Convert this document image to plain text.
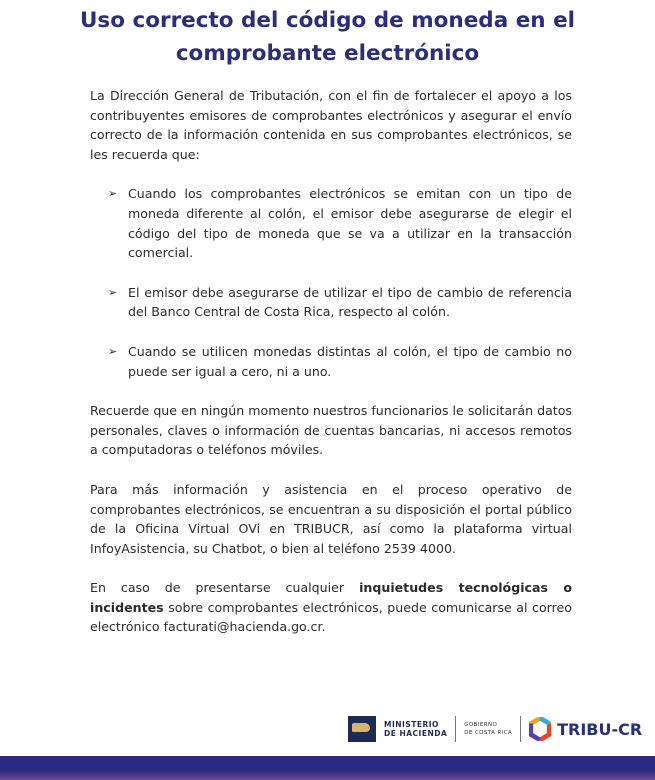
Uso correcto del código de moneda en el comprobante electrónico

La Dirección General de Tributación, con el fin de fortalecer el apoyo a los contribuyentes emisores de comprobantes electrónicos y asegurar el envío correcto de la información contenida en sus comprobantes electrónicos, se les recuerda que:

➢ Cuando los comprobantes electrónicos se emitan con un tipo de moneda diferente al colón, el emisor debe asegurarse de elegir el código del tipo de moneda que se va a utilizar en la transacción comercial.
➢ El emisor debe asegurarse de utilizar el tipo de cambio de referencia del Banco Central de Costa Rica, respecto al colón.
➢ Cuando se utilicen monedas distintas al colón, el tipo de cambio no puede ser igual a cero, ni a uno.

Recuerde que en ningún momento nuestros funcionarios le solicitarán datos personales, claves o información de cuentas bancarias, ni accesos remotos a computadoras o teléfonos móviles.

Para más información y asistencia en el proceso operativo de comprobantes electrónicos, se encuentran a su disposición el portal público de la Oficina Virtual OVi en TRIBUCR, así como la plataforma virtual InfoyAsistencia, su Chatbot, o bien al teléfono 2539 4000.

En caso de presentarse cualquier inquietudes tecnológicas o incidentes sobre comprobantes electrónicos, puede comunicarse al correo electrónico facturati@hacienda.go.cr.

MINISTERIO
DE HACIENDA
GOBIERNO
DE COSTA RICA	TRIBU-CR
